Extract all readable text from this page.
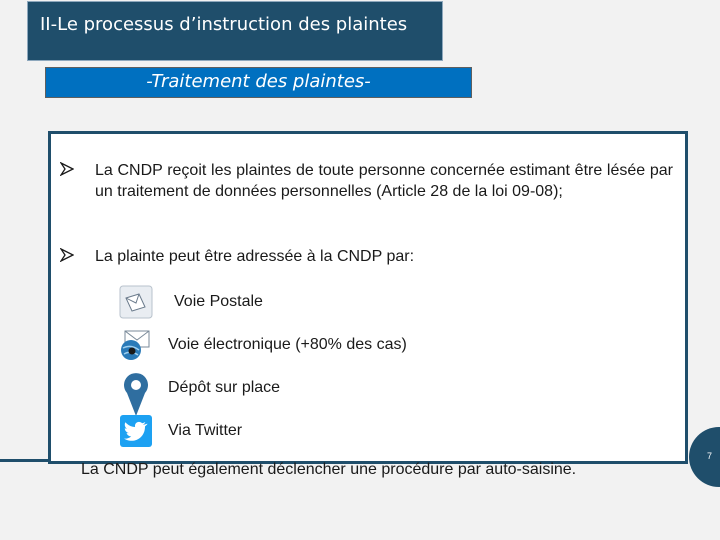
II-Le processus d’instruction des plaintes
-Traitement des plaintes-
La CNDP reçoit les plaintes de toute personne concernée estimant être lésée par un traitement de données personnelles (Article 28 de la loi 09-08);
La plainte peut être adressée à la CNDP par:
Voie Postale
Voie électronique (+80% des cas)
Dépôt sur place
Via Twitter
La CNDP peut également déclencher une procédure par auto-saisine.
7
